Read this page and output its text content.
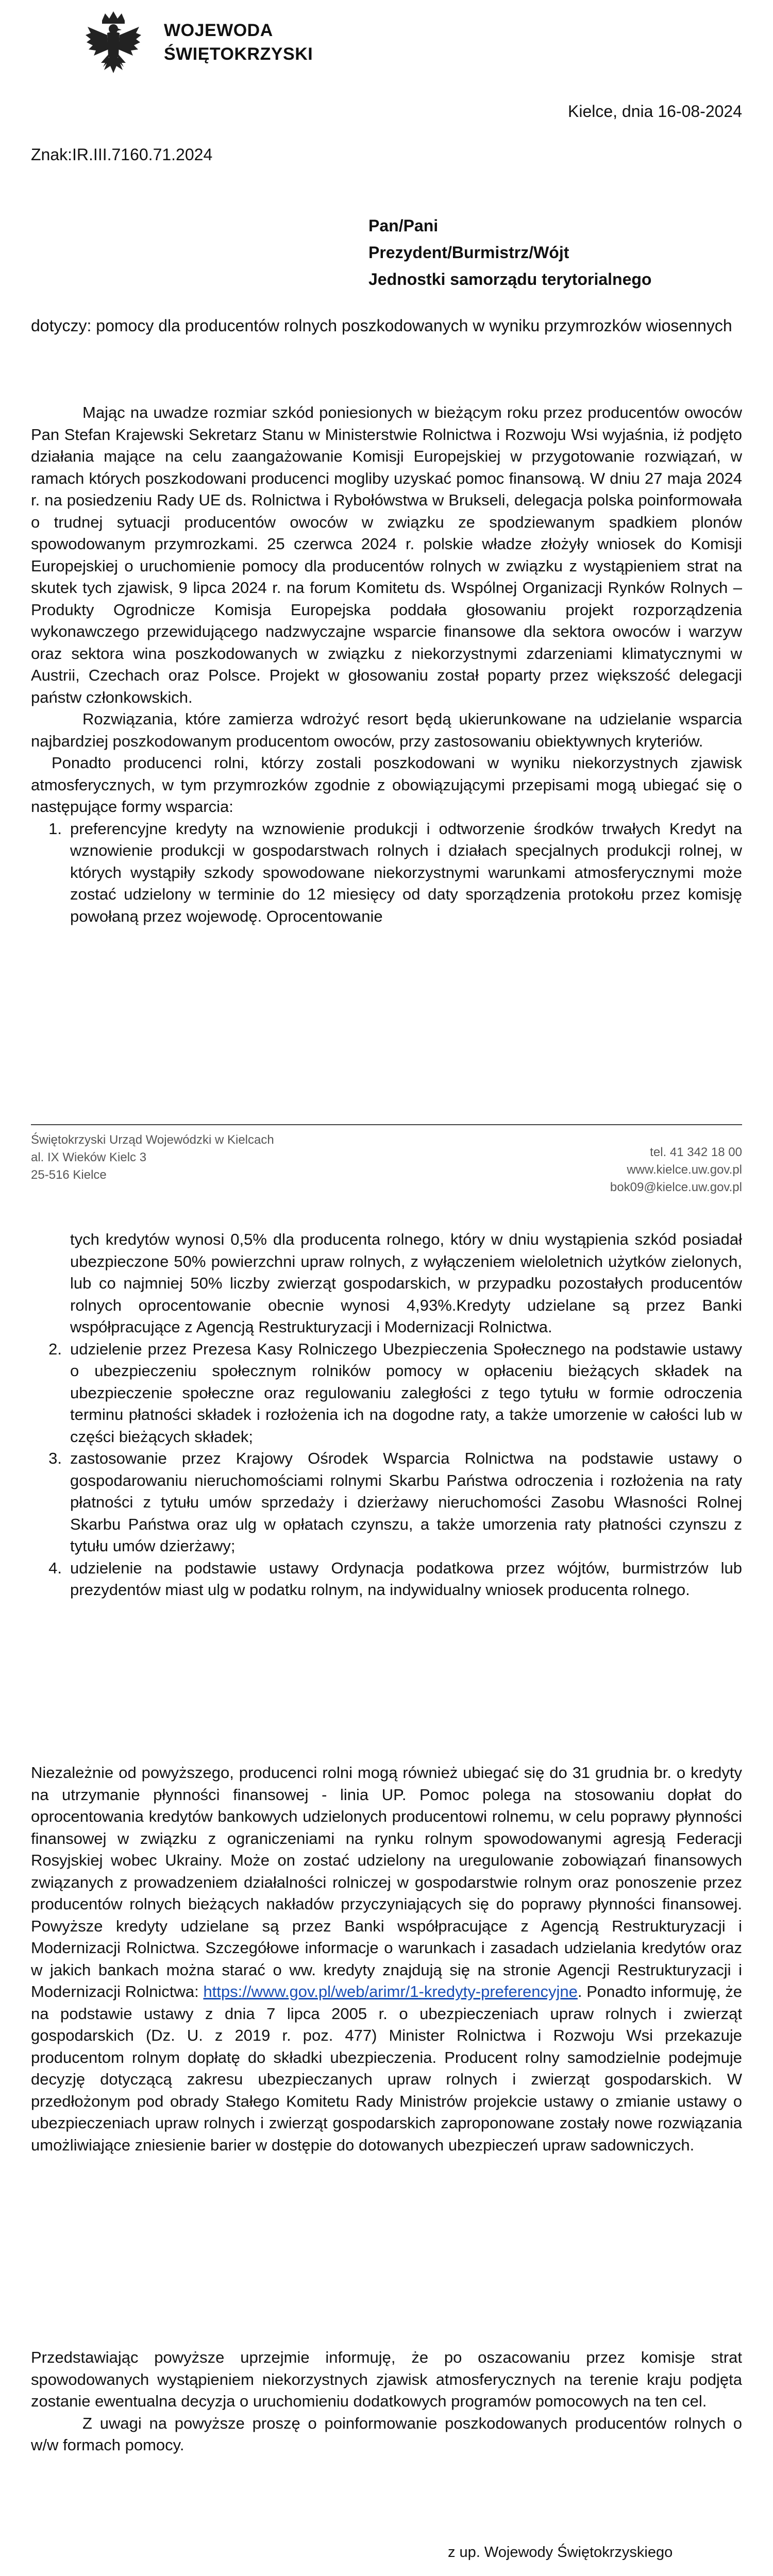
WOJEWODA
ŚWIĘTOKRZYSKI
Kielce, dnia 16-08-2024
Znak:IR.III.7160.71.2024
Pan/Pani
Prezydent/Burmistrz/Wójt
Jednostki samorządu terytorialnego
dotyczy: pomocy dla producentów rolnych poszkodowanych w wyniku przymrozków wiosennych

Mając na uwadze rozmiar szkód poniesionych w bieżącym roku przez producentów owoców Pan Stefan Krajewski Sekretarz Stanu w Ministerstwie Rolnictwa i Rozwoju Wsi wyjaśnia, iż podjęto działania mające na celu zaangażowanie Komisji Europejskiej w przygotowanie rozwiązań, w ramach których poszkodowani producenci mogliby uzyskać pomoc finansową. W dniu 27 maja 2024 r. na posiedzeniu Rady UE ds. Rolnictwa i Rybołówstwa w Brukseli, delegacja polska poinformowała o trudnej sytuacji producentów owoców w związku ze spodziewanym spadkiem plonów spowodowanym przymrozkami. 25 czerwca 2024 r. polskie władze złożyły wniosek do Komisji Europejskiej o uruchomienie pomocy dla producentów rolnych w związku z wystąpieniem strat na skutek tych zjawisk, 9 lipca 2024 r. na forum Komitetu ds. Wspólnej Organizacji Rynków Rolnych – Produkty Ogrodnicze Komisja Europejska poddała głosowaniu projekt rozporządzenia wykonawczego przewidującego nadzwyczajne wsparcie finansowe dla sektora owoców i warzyw oraz sektora wina poszkodowanych w związku z niekorzystnymi zdarzeniami klimatycznymi w Austrii, Czechach oraz Polsce. Projekt w głosowaniu został poparty przez większość delegacji państw członkowskich.

Rozwiązania, które zamierza wdrożyć resort będą ukierunkowane na udzielanie wsparcia najbardziej poszkodowanym producentom owoców, przy zastosowaniu obiektywnych kryteriów.

Ponadto producenci rolni, którzy zostali poszkodowani w wyniku niekorzystnych zjawisk atmosferycznych, w tym przymrozków zgodnie z obowiązującymi przepisami mogą ubiegać się o następujące formy wsparcia:

1. preferencyjne kredyty na wznowienie produkcji i odtworzenie środków trwałych Kredyt na wznowienie produkcji w gospodarstwach rolnych i działach specjalnych produkcji rolnej, w których wystąpiły szkody spowodowane niekorzystnymi warunkami atmosferycznymi może zostać udzielony w terminie do 12 miesięcy od daty sporządzenia protokołu przez komisję powołaną przez wojewodę. Oprocentowanie
Świętokrzyski Urząd Wojewódzki w Kielcach
al. IX Wieków Kielc 3
25-516 Kielce
tel. 41 342 18 00
www.kielce.uw.gov.pl
bok09@kielce.uw.gov.pl

tych kredytów wynosi 0,5% dla producenta rolnego, który w dniu wystąpienia szkód posiadał ubezpieczone 50% powierzchni upraw rolnych, z wyłączeniem wieloletnich użytków zielonych, lub co najmniej 50% liczby zwierząt gospodarskich, w przypadku pozostałych producentów rolnych oprocentowanie obecnie wynosi 4,93%.Kredyty udzielane są przez Banki współpracujące z Agencją Restrukturyzacji i Modernizacji Rolnictwa.

2. udzielenie przez Prezesa Kasy Rolniczego Ubezpieczenia Społecznego na podstawie ustawy o ubezpieczeniu społecznym rolników pomocy w opłaceniu bieżących składek na ubezpieczenie społeczne oraz regulowaniu zaległości z tego tytułu w formie odroczenia terminu płatności składek i rozłożenia ich na dogodne raty, a także umorzenie w całości lub w części bieżących składek;
3. zastosowanie przez Krajowy Ośrodek Wsparcia Rolnictwa na podstawie ustawy o gospodarowaniu nieruchomościami rolnymi Skarbu Państwa odroczenia i rozłożenia na raty płatności z tytułu umów sprzedaży i dzierżawy nieruchomości Zasobu Własności Rolnej Skarbu Państwa oraz ulg w opłatach czynszu, a także umorzenia raty płatności czynszu z tytułu umów dzierżawy;
4. udzielenie na podstawie ustawy Ordynacja podatkowa przez wójtów, burmistrzów lub prezydentów miast ulg w podatku rolnym, na indywidualny wniosek producenta rolnego.

Niezależnie od powyższego, producenci rolni mogą również ubiegać się do 31 grudnia br. o kredyty na utrzymanie płynności finansowej - linia UP. Pomoc polega na stosowaniu dopłat do oprocentowania kredytów bankowych udzielonych producentowi rolnemu, w celu poprawy płynności finansowej w związku z ograniczeniami na rynku rolnym spowodowanymi agresją Federacji Rosyjskiej wobec Ukrainy. Może on zostać udzielony na uregulowanie zobowiązań finansowych związanych z prowadzeniem działalności rolniczej w gospodarstwie rolnym oraz ponoszenie przez producentów rolnych bieżących nakładów przyczyniających się do poprawy płynności finansowej. Powyższe kredyty udzielane są przez Banki współpracujące z Agencją Restrukturyzacji i Modernizacji Rolnictwa. Szczegółowe informacje o warunkach i zasadach udzielania kredytów oraz w jakich bankach można starać o ww. kredyty znajdują się na stronie Agencji Restrukturyzacji i Modernizacji Rolnictwa: https://www.gov.pl/web/arimr/1-kredyty-preferencyjne. Ponadto informuję, że na podstawie ustawy z dnia 7 lipca 2005 r. o ubezpieczeniach upraw rolnych i zwierząt gospodarskich (Dz. U. z 2019 r. poz. 477) Minister Rolnictwa i Rozwoju Wsi przekazuje producentom rolnym dopłatę do składki ubezpieczenia. Producent rolny samodzielnie podejmuje decyzję dotyczącą zakresu ubezpieczanych upraw rolnych i zwierząt gospodarskich. W przedłożonym pod obrady Stałego Komitetu Rady Ministrów projekcie ustawy o zmianie ustawy o ubezpieczeniach upraw rolnych i zwierząt gospodarskich zaproponowane zostały nowe rozwiązania umożliwiające zniesienie barier w dostępie do dotowanych ubezpieczeń upraw sadowniczych.

Przedstawiając powyższe uprzejmie informuję, że po oszacowaniu przez komisje strat spowodowanych wystąpieniem niekorzystnych zjawisk atmosferycznych na terenie kraju podjęta zostanie ewentualna decyzja o uruchomieniu dodatkowych programów pomocowych na ten cel.

Z uwagi na powyższe proszę o poinformowanie poszkodowanych producentów rolnych o w/w formach pomocy.

z up. Wojewody Świętokrzyskiego
